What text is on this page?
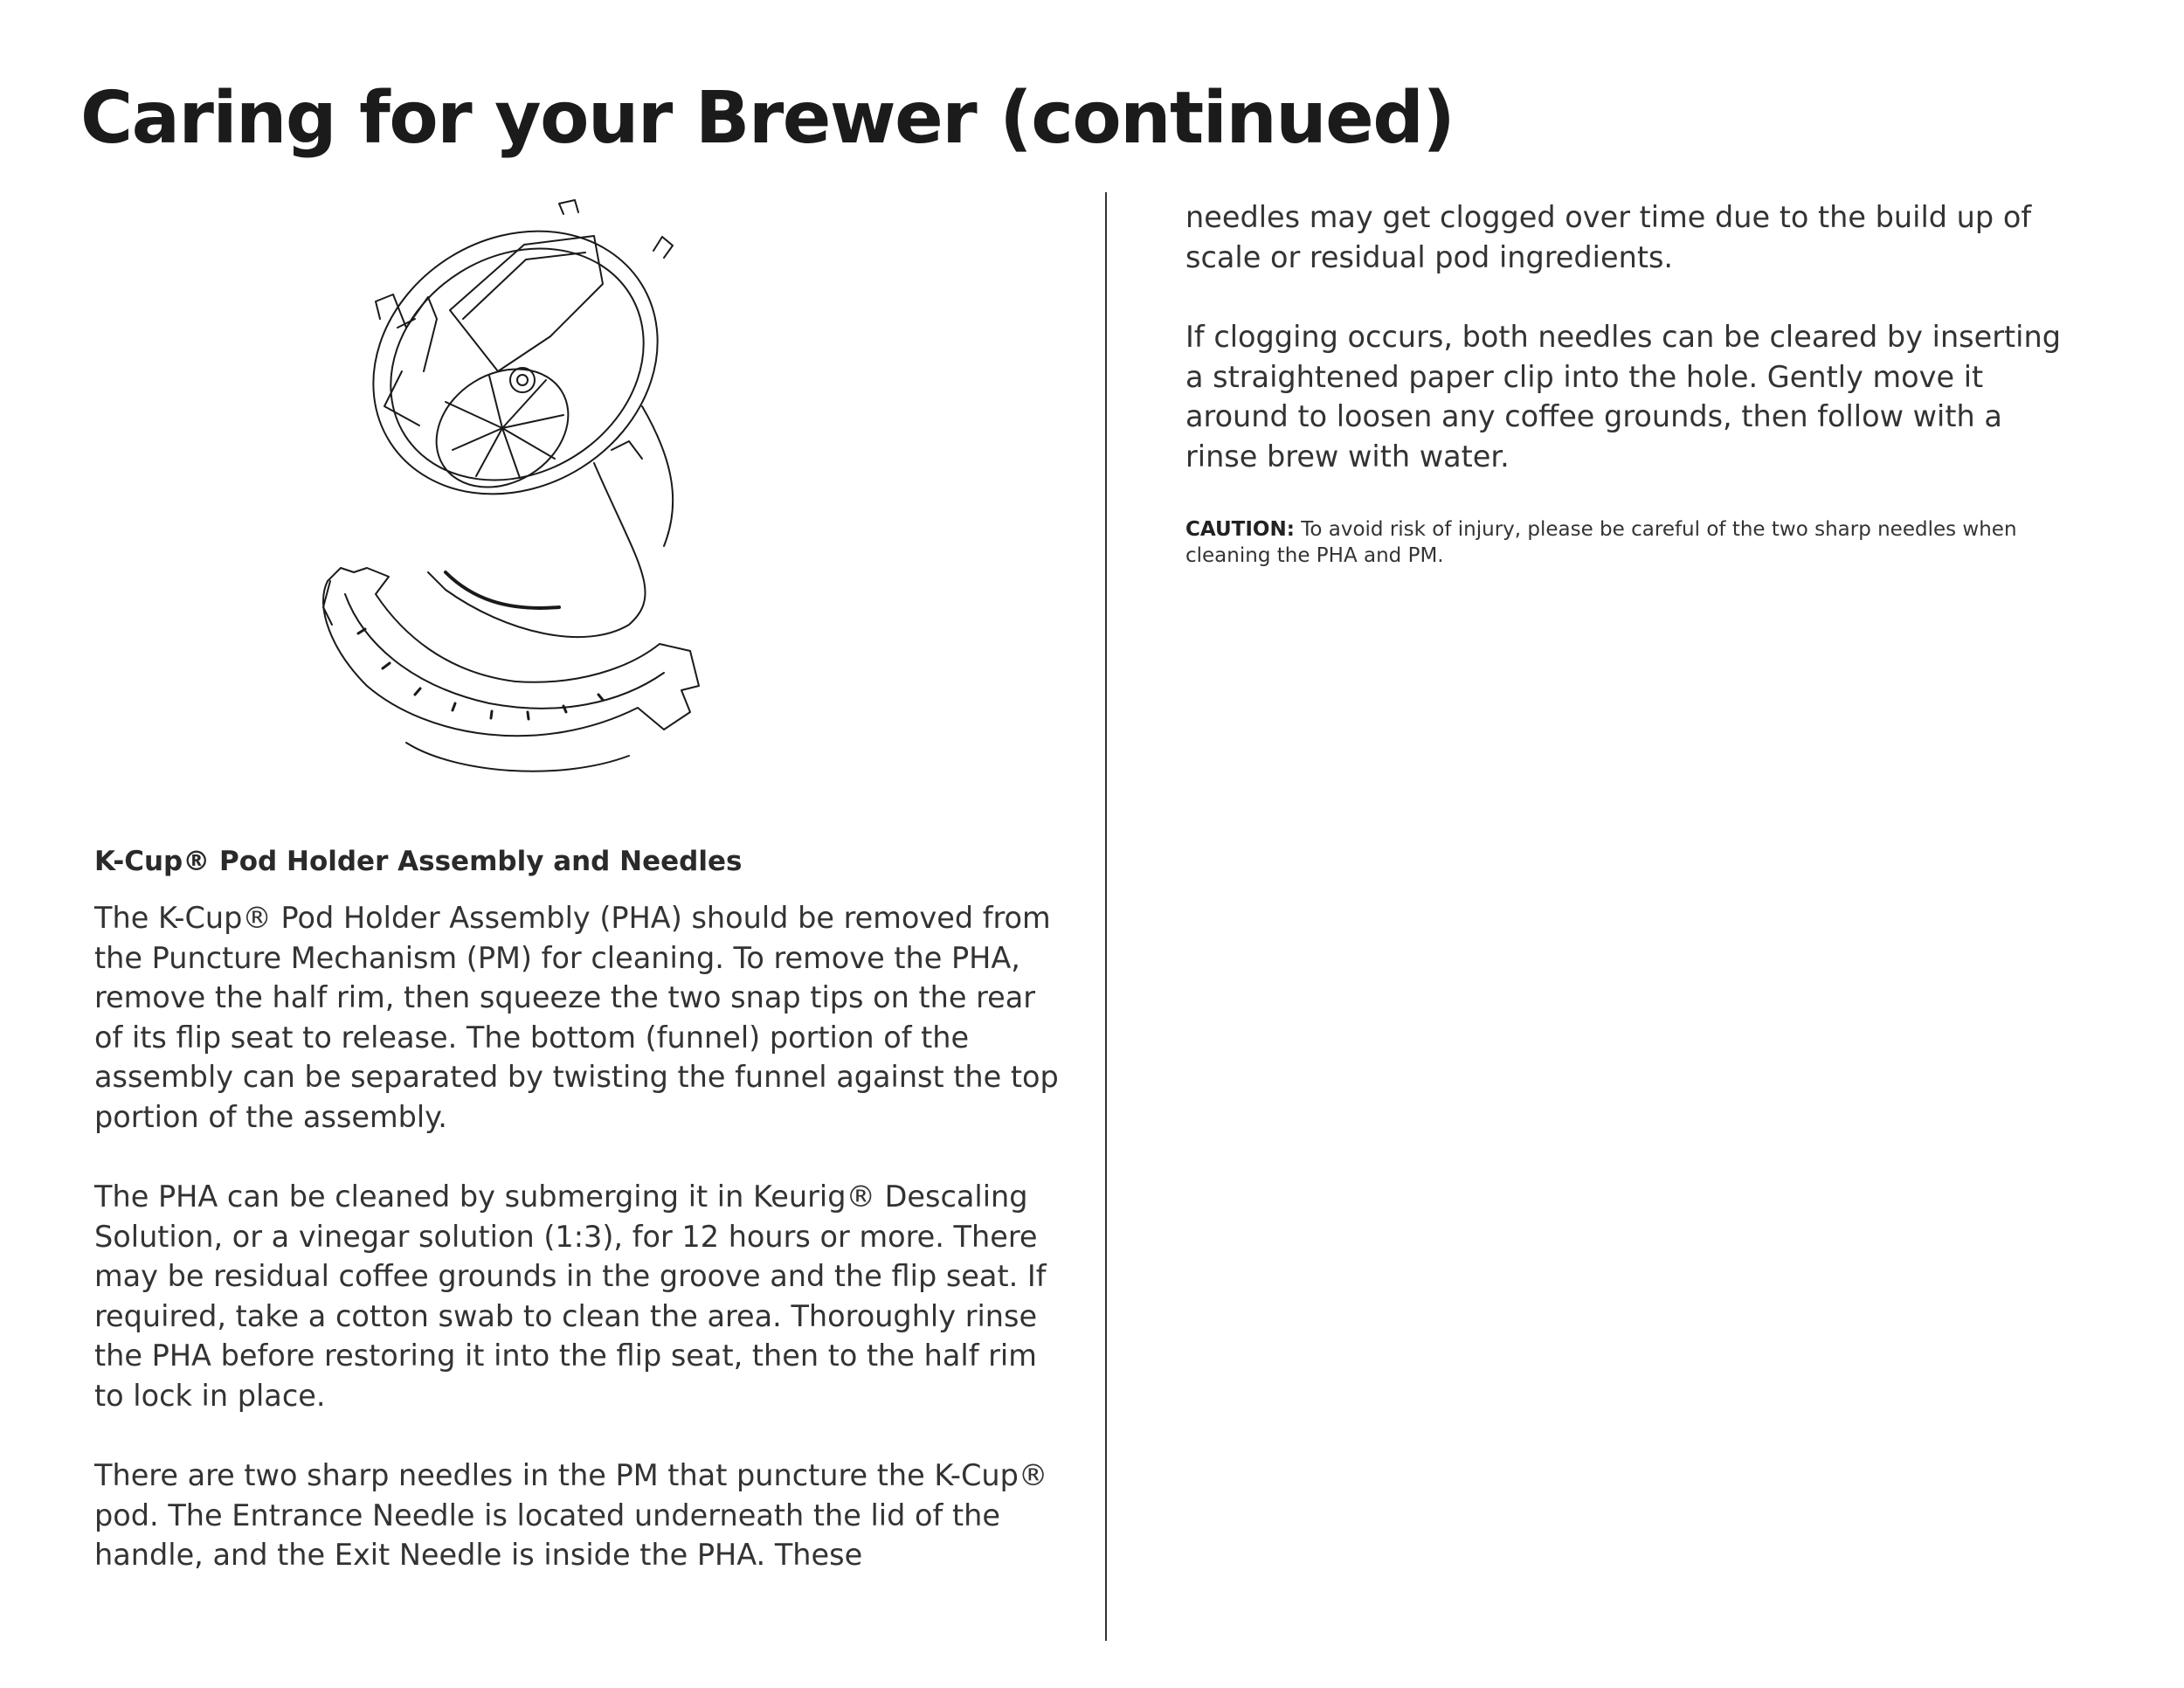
Caring for your Brewer (continued)
K-Cup® Pod Holder Assembly and Needles

The K-Cup® Pod Holder Assembly (PHA) should be removed from the Puncture Mechanism (PM) for cleaning. To remove the PHA, remove the half rim, then squeeze the two snap tips on the rear of its flip seat to release. The bottom (funnel) portion of the assembly can be separated by twisting the funnel against the top portion of the assembly.

The PHA can be cleaned by submerging it in Keurig® Descaling Solution, or a vinegar solution (1:3), for 12 hours or more. There may be residual coffee grounds in the groove and the flip seat. If required, take a cotton swab to clean the area. Thoroughly rinse the PHA before restoring it into the flip seat, then to the half rim to lock in place.

There are two sharp needles in the PM that puncture the K-Cup® pod. The Entrance Needle is located underneath the lid of the handle, and the Exit Needle is inside the PHA. These

needles may get clogged over time due to the build up of scale or residual pod ingredients.

If clogging occurs, both needles can be cleared by inserting a straightened paper clip into the hole. Gently move it around to loosen any coffee grounds, then follow with a rinse brew with water.

CAUTION: To avoid risk of injury, please be careful of the two sharp needles when cleaning the PHA and PM.
